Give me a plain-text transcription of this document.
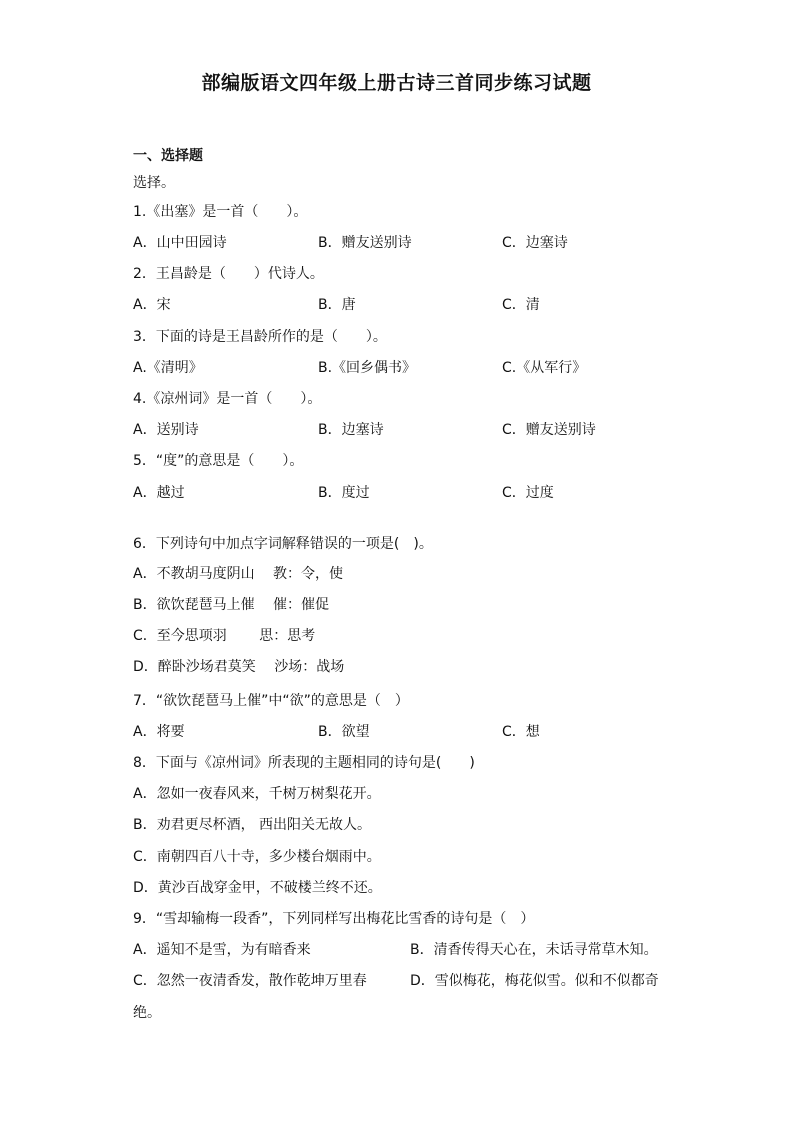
部编版语文四年级上册古诗三首同步练习试题
一、选择题
选择。
1.《出塞》是一首（　　）。
A．山中田园诗	B．赠友送别诗	C．边塞诗
2．王昌龄是（　　）代诗人。
A．宋	B．唐	C．清
3．下面的诗是王昌龄所作的是（　　）。
A.《清明》	B.《回乡偶书》	C.《从军行》
4.《凉州词》是一首（　　）。
A．送别诗	B．边塞诗	C．赠友送别诗
5．“度”的意思是（　　）。
A．越过	B．度过	C．过度
6．下列诗句中加点字词解释错误的一项是(　)。
A．不教胡马度阴山　 教：令，使
B．欲饮琵琶马上催　 催：催促
C．至今思项羽　　 思：思考
D．醉卧沙场君莫笑　 沙场：战场
7．“欲饮琵琶马上催”中“欲”的意思是（　）
A．将要	B．欲望	C．想
8．下面与《凉州词》所表现的主题相同的诗句是(　　)
A．忽如一夜春风来，千树万树梨花开。
B．劝君更尽杯酒， 西出阳关无故人。
C．南朝四百八十寺，多少楼台烟雨中。
D．黄沙百战穿金甲，不破楼兰终不还。
9．“雪却输梅一段香”，下列同样写出梅花比雪香的诗句是（　）
A．遥知不是雪，为有暗香来	B．清香传得天心在，未话寻常草木知。
C．忽然一夜清香发，散作乾坤万里春	D．雪似梅花，梅花似雪。似和不似都奇
绝。
